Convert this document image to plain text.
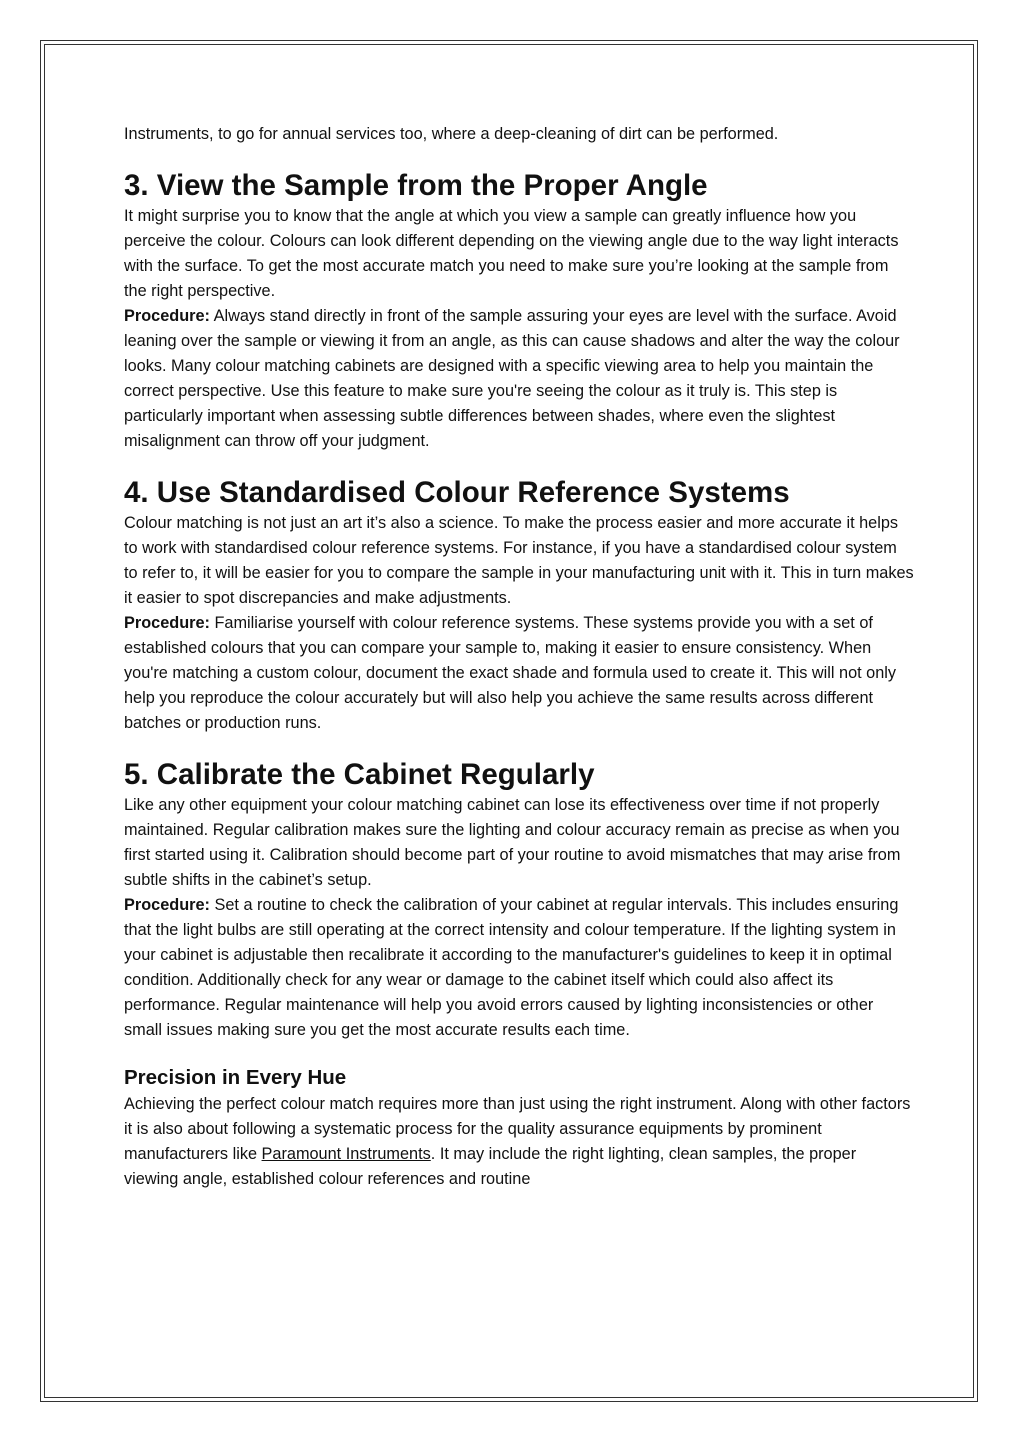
Instruments, to go for annual services too, where a deep-cleaning of dirt can be performed.

3. View the Sample from the Proper Angle

It might surprise you to know that the angle at which you view a sample can greatly influence how you perceive the colour. Colours can look different depending on the viewing angle due to the way light interacts with the surface. To get the most accurate match you need to make sure you’re looking at the sample from the right perspective.

Procedure: Always stand directly in front of the sample assuring your eyes are level with the surface. Avoid leaning over the sample or viewing it from an angle, as this can cause shadows and alter the way the colour looks. Many colour matching cabinets are designed with a specific viewing area to help you maintain the correct perspective. Use this feature to make sure you're seeing the colour as it truly is. This step is particularly important when assessing subtle differences between shades, where even the slightest misalignment can throw off your judgment.

4. Use Standardised Colour Reference Systems

Colour matching is not just an art it’s also a science. To make the process easier and more accurate it helps to work with standardised colour reference systems. For instance, if you have a standardised colour system to refer to, it will be easier for you to compare the sample in your manufacturing unit with it. This in turn makes it easier to spot discrepancies and make adjustments.

Procedure: Familiarise yourself with colour reference systems. These systems provide you with a set of established colours that you can compare your sample to, making it easier to ensure consistency. When you're matching a custom colour, document the exact shade and formula used to create it. This will not only help you reproduce the colour accurately but will also help you achieve the same results across different batches or production runs.

5. Calibrate the Cabinet Regularly

Like any other equipment your colour matching cabinet can lose its effectiveness over time if not properly maintained. Regular calibration makes sure the lighting and colour accuracy remain as precise as when you first started using it. Calibration should become part of your routine to avoid mismatches that may arise from subtle shifts in the cabinet’s setup.

Procedure: Set a routine to check the calibration of your cabinet at regular intervals. This includes ensuring that the light bulbs are still operating at the correct intensity and colour temperature. If the lighting system in your cabinet is adjustable then recalibrate it according to the manufacturer's guidelines to keep it in optimal condition. Additionally check for any wear or damage to the cabinet itself which could also affect its performance. Regular maintenance will help you avoid errors caused by lighting inconsistencies or other small issues making sure you get the most accurate results each time.

Precision in Every Hue

Achieving the perfect colour match requires more than just using the right instrument. Along with other factors it is also about following a systematic process for the quality assurance equipments by prominent manufacturers like Paramount Instruments. It may include the right lighting, clean samples, the proper viewing angle, established colour references and routine
